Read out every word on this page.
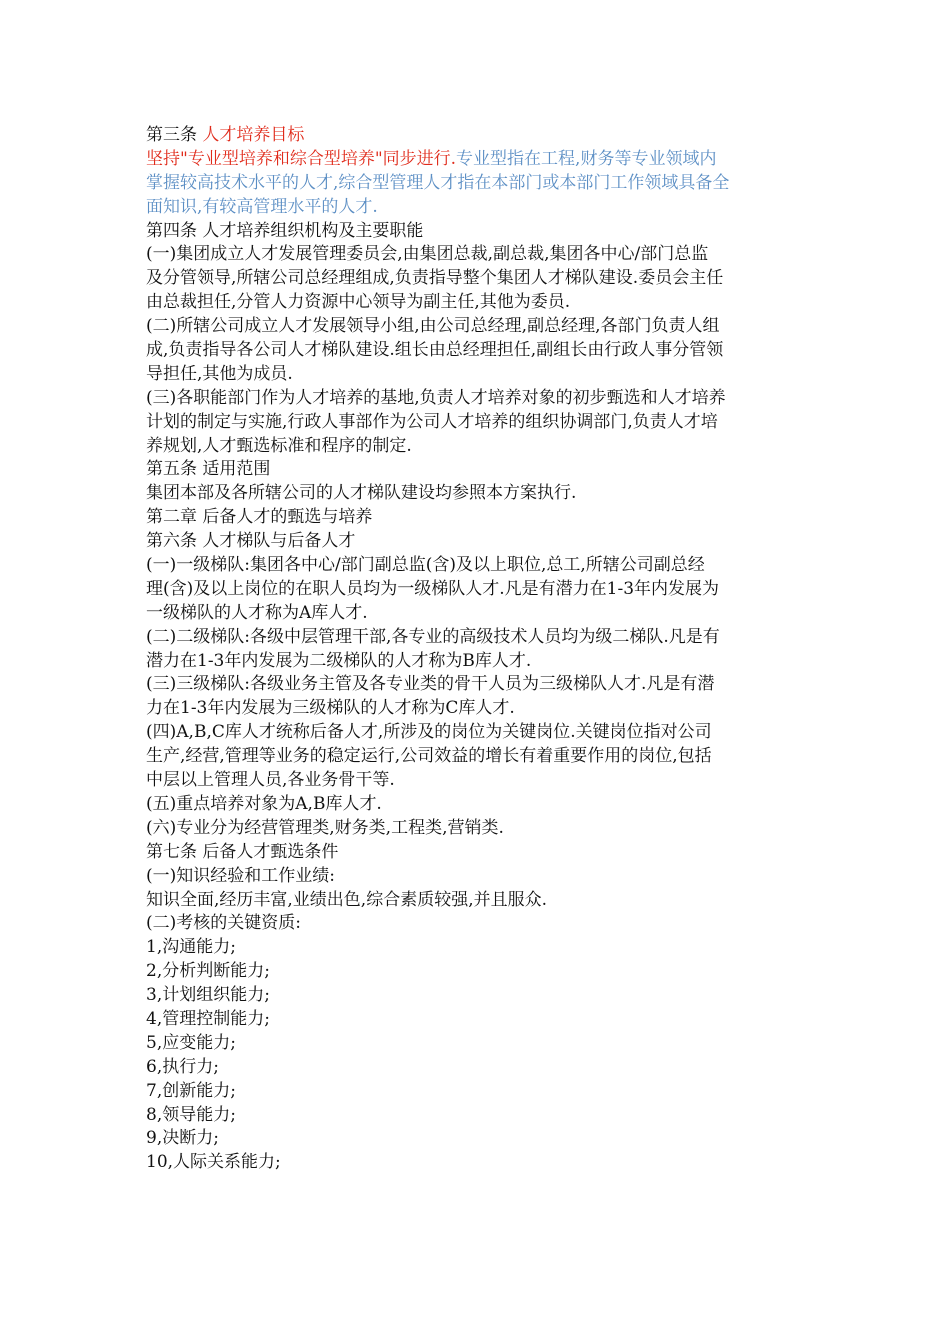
第三条 人才培养目标
坚持"专业型培养和综合型培养"同步进行.专业型指在工程,财务等专业领域内
掌握较高技术水平的人才,综合型管理人才指在本部门或本部门工作领域具备全
面知识,有较高管理水平的人才.
第四条 人才培养组织机构及主要职能
(一)集团成立人才发展管理委员会,由集团总裁,副总裁,集团各中心/部门总监
及分管领导,所辖公司总经理组成,负责指导整个集团人才梯队建设.委员会主任
由总裁担任,分管人力资源中心领导为副主任,其他为委员.
(二)所辖公司成立人才发展领导小组,由公司总经理,副总经理,各部门负责人组
成,负责指导各公司人才梯队建设.组长由总经理担任,副组长由行政人事分管领
导担任,其他为成员.
(三)各职能部门作为人才培养的基地,负责人才培养对象的初步甄选和人才培养
计划的制定与实施,行政人事部作为公司人才培养的组织协调部门,负责人才培
养规划,人才甄选标准和程序的制定.
第五条 适用范围
集团本部及各所辖公司的人才梯队建设均参照本方案执行.
第二章 后备人才的甄选与培养
第六条 人才梯队与后备人才
(一)一级梯队:集团各中心/部门副总监(含)及以上职位,总工,所辖公司副总经
理(含)及以上岗位的在职人员均为一级梯队人才.凡是有潜力在1-3年内发展为
一级梯队的人才称为A库人才.
(二)二级梯队:各级中层管理干部,各专业的高级技术人员均为级二梯队.凡是有
潜力在1-3年内发展为二级梯队的人才称为B库人才.
(三)三级梯队:各级业务主管及各专业类的骨干人员为三级梯队人才.凡是有潜
力在1-3年内发展为三级梯队的人才称为C库人才.
(四)A,B,C库人才统称后备人才,所涉及的岗位为关键岗位.关键岗位指对公司
生产,经营,管理等业务的稳定运行,公司效益的增长有着重要作用的岗位,包括
中层以上管理人员,各业务骨干等.
(五)重点培养对象为A,B库人才.
(六)专业分为经营管理类,财务类,工程类,营销类.
第七条 后备人才甄选条件
(一)知识经验和工作业绩:
知识全面,经历丰富,业绩出色,综合素质较强,并且服众.
(二)考核的关键资质:
1,沟通能力;
2,分析判断能力;
3,计划组织能力;
4,管理控制能力;
5,应变能力;
6,执行力;
7,创新能力;
8,领导能力;
9,决断力;
10,人际关系能力;
